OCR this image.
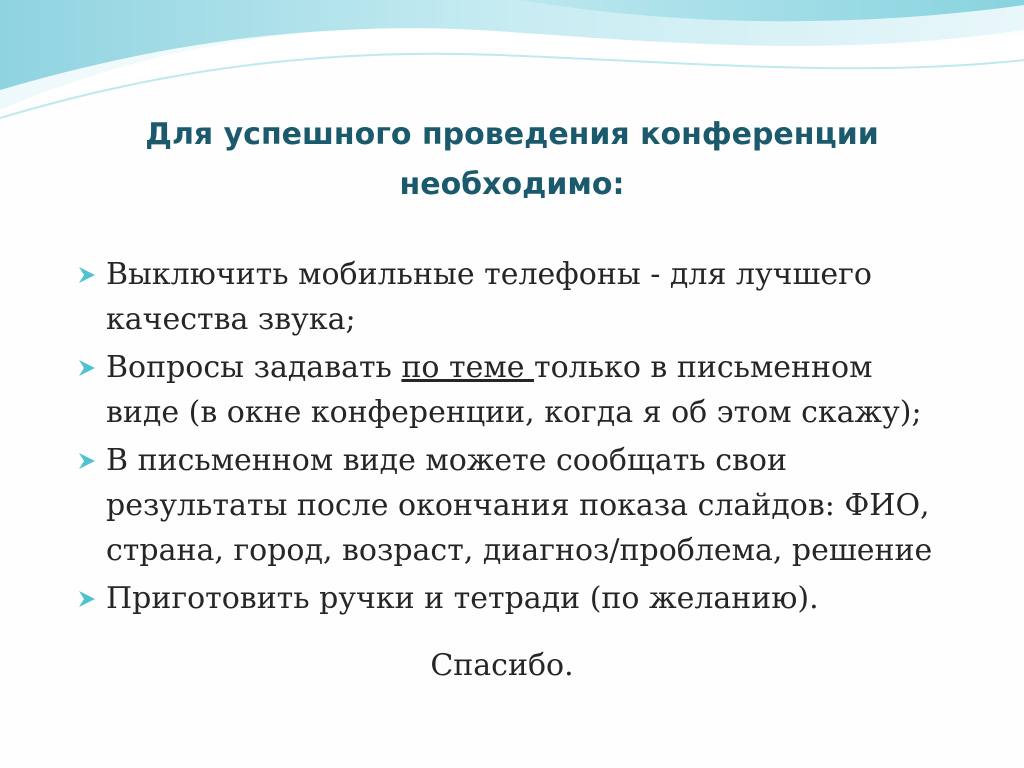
Для успешного проведения конференции
необходимо:
Выключить мобильные телефоны - для лучшего
качества звука;
Вопросы задавать по теме только в письменном
виде (в окне конференции, когда я об этом скажу);
В письменном виде можете сообщать свои
результаты после окончания показа слайдов: ФИО,
страна, город, возраст, диагноз/проблема, решение
Приготовить ручки и тетради (по желанию).
Спасибо.
